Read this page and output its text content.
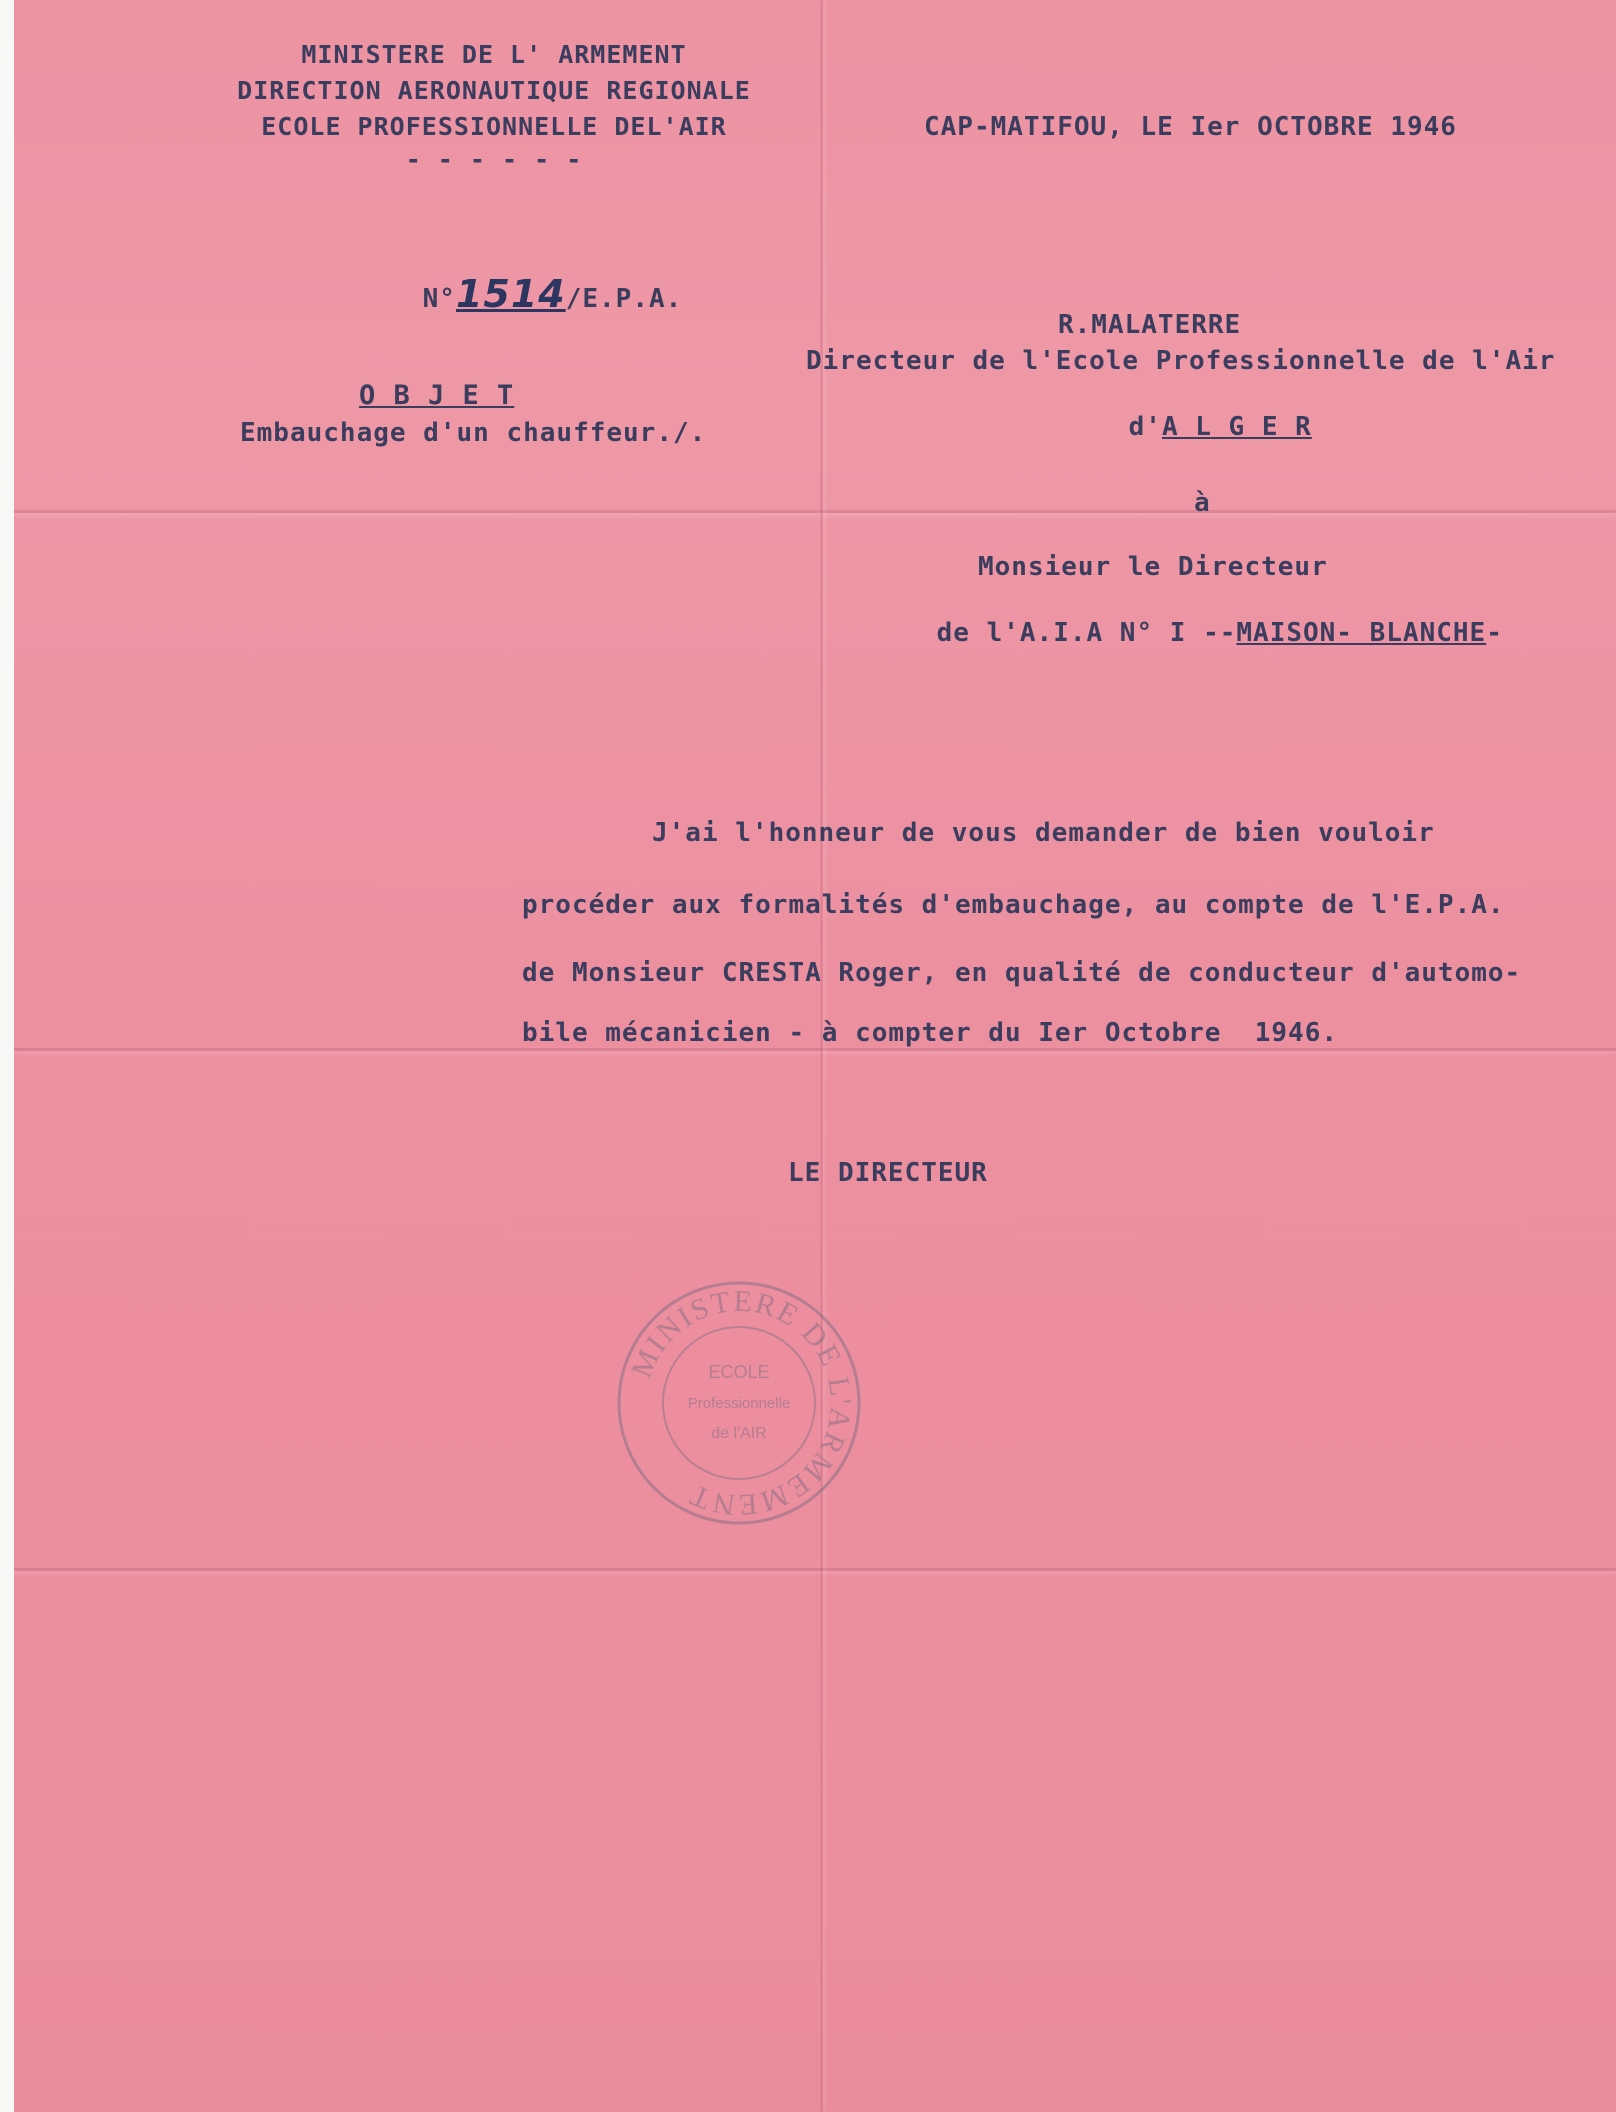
MINISTERE DE L' ARMEMENT
DIRECTION AERONAUTIQUE REGIONALE
ECOLE PROFESSIONNELLE DEL'AIR
- - - - - -
CAP-MATIFOU, LE Ier OCTOBRE 1946

N°1514/E.P.A.

O B J E T
Embauchage d'un chauffeur./.
R.MALATERRE
Directeur de l'Ecole Professionnelle de l'Air

d'A L G E R

à
Monsieur le Directeur

de l'A.I.A N° I --MAISON- BLANCHE-

J'ai l'honneur de vous demander de bien vouloir
procéder aux formalités d'embauchage, au compte de l'E.P.A.
de Monsieur CRESTA Roger, en qualité de conducteur d'automo-
bile mécanicien - à compter du Ier Octobre  1946.
LE DIRECTEUR
MINISTERE DE L'ARMEMENT
ECOLE
Professionnelle
de l'AIR
